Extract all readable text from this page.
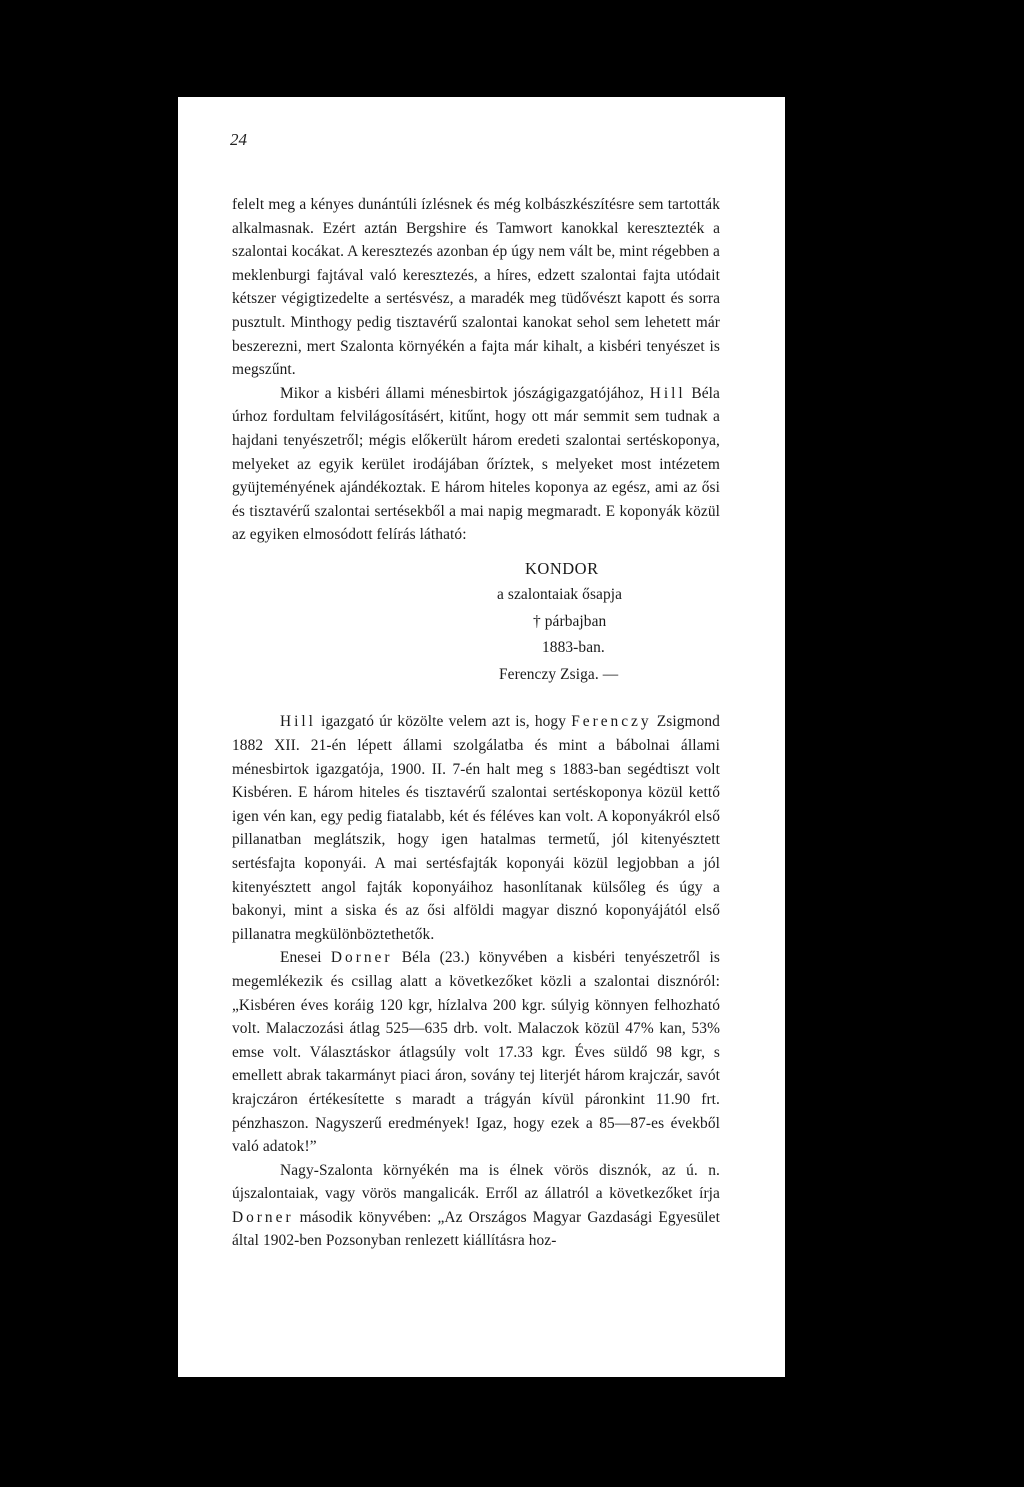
24

felelt meg a kényes dunántúli ízlésnek és még kolbászkészítésre sem tartották alkalmasnak. Ezért aztán Bergshire és Tamwort kanokkal keresztezték a szalontai kocákat. A keresztezés azonban ép úgy nem vált be, mint régebben a meklenburgi fajtával való keresztezés, a híres, edzett szalontai fajta utódait kétszer végigtizedelte a sertésvész, a maradék meg tüdővészt kapott és sorra pusztult. Minthogy pedig tisztavérű szalontai kanokat sehol sem lehetett már beszerezni, mert Szalonta környékén a fajta már kihalt, a kisbéri tenyészet is megszűnt.

Mikor a kisbéri állami ménesbirtok jószágigazgatójához, Hill Béla úrhoz fordultam felvilágosításért, kitűnt, hogy ott már semmit sem tudnak a hajdani tenyészetről; mégis előkerült három eredeti szalontai sertéskoponya, melyeket az egyik kerület irodájában őríztek, s melyeket most intézetem gyüjteményének ajándékoztak. E három hiteles koponya az egész, ami az ősi és tisztavérű szalontai sertésekből a mai napig megmaradt. E koponyák közül az egyiken elmosódott felírás látható:

KONDOR
a szalontaiak ősapja
† párbajban
1883-ban.
Ferenczy Zsiga. —

Hill igazgató úr közölte velem azt is, hogy Ferenczy Zsigmond 1882 XII. 21-én lépett állami szolgálatba és mint a bábolnai állami ménesbirtok igazgatója, 1900. II. 7-én halt meg s 1883-ban segédtiszt volt Kisbéren. E három hiteles és tisztavérű szalontai sertéskoponya közül kettő igen vén kan, egy pedig fiatalabb, két és féléves kan volt. A koponyákról első pillanatban meglátszik, hogy igen hatalmas termetű, jól kitenyésztett sertésfajta koponyái. A mai sertésfajták koponyái közül legjobban a jól kitenyésztett angol fajták koponyáihoz hasonlítanak külsőleg és úgy a bakonyi, mint a siska és az ősi alföldi magyar disznó koponyájától első pillanatra megkülönböztethetők.

Enesei Dorner Béla (23.) könyvében a kisbéri tenyészetről is megemlékezik és csillag alatt a következőket közli a szalontai disznóról: „Kisbéren éves koráig 120 kgr, hízlalva 200 kgr. súlyig könnyen felhozható volt. Malaczozási átlag 525—635 drb. volt. Malaczok közül 47% kan, 53% emse volt. Választáskor átlagsúly volt 17.33 kgr. Éves süldő 98 kgr, s emellett abrak takarmányt piaci áron, sovány tej literjét három krajczár, savót krajczáron értékesítette s maradt a trágyán kívül páronkint 11.90 frt. pénzhaszon. Nagyszerű eredmények! Igaz, hogy ezek a 85—87-es évekből való adatok!”

Nagy-Szalonta környékén ma is élnek vörös disznók, az ú. n. újszalontaiak, vagy vörös mangalicák. Erről az állatról a következőket írja Dorner második könyvében: „Az Országos Magyar Gazdasági Egyesület által 1902-ben Pozsonyban renlezett kiállításra hoz-
